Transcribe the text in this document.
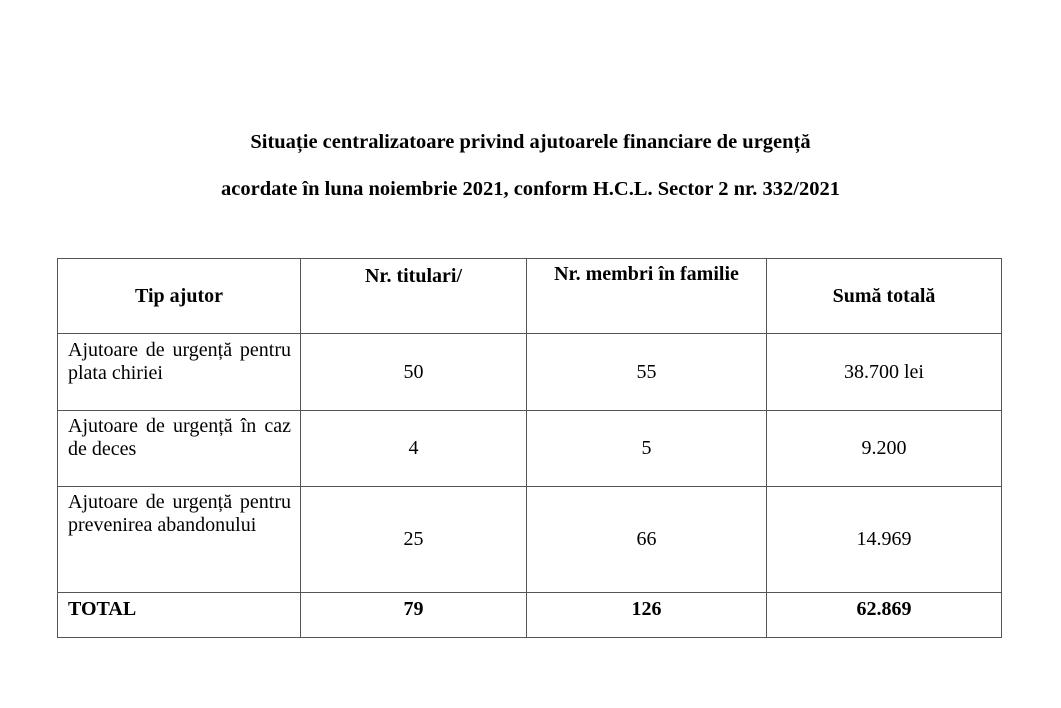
Situație centralizatoare privind ajutoarele financiare de urgență
acordate în luna noiembrie 2021, conform H.C.L. Sector 2 nr. 332/2021
Tip ajutor	Nr. titulari/	Nr. membri în familie	Sumă totală
Ajutoare de urgență pentru plata chiriei	50	55	38.700 lei
Ajutoare de urgență în caz de deces	4	5	9.200
Ajutoare de urgență pentru prevenirea abandonului	25	66	14.969
TOTAL	79	126	62.869
